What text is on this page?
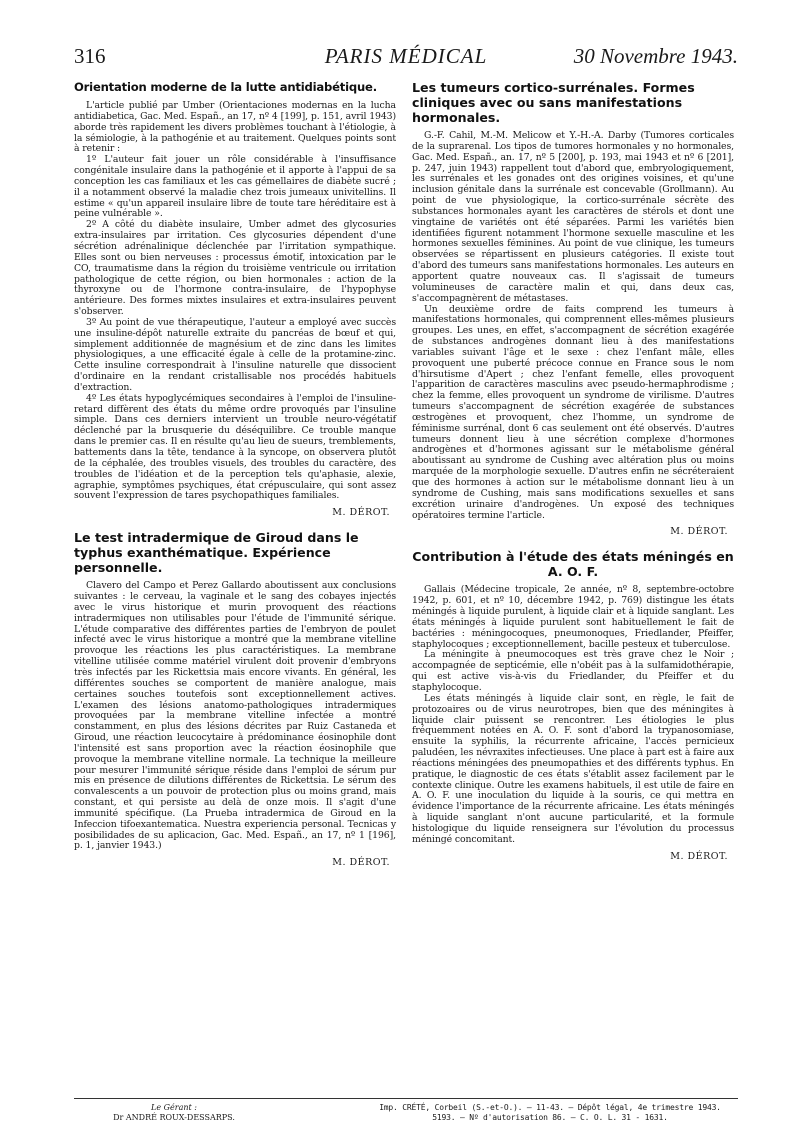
316	PARIS MÉDICAL	30 Novembre 1943.
Orientation moderne de la lutte antidiabétique.

L'article publié par Umber (Orientaciones modernas en la lucha antidiabetica, Gac. Med. Españ., an 17, nº 4 [199], p. 151, avril 1943) aborde très rapidement les divers problèmes touchant à l'étiologie, à la sémiologie, à la pathogénie et au traitement. Quelques points sont à retenir :

1º L'auteur fait jouer un rôle considérable à l'insuffisance congénitale insulaire dans la pathogénie et il apporte à l'appui de sa conception les cas familiaux et les cas gémellaires de diabète sucré ; il a notamment observé la maladie chez trois jumeaux univitellins. Il estime « qu'un appareil insulaire libre de toute tare héréditaire est à peine vulnérable ».

2º A côté du diabète insulaire, Umber admet des glycosuries extra-insulaires par irritation. Ces glycosuries dépendent d'une sécrétion adrénalinique déclenchée par l'irritation sympathique. Elles sont ou bien nerveuses : processus émotif, intoxication par le CO, traumatisme dans la région du troisième ventricule ou irritation pathologique de cette région, ou bien hormonales : action de la thyroxyne ou de l'hormone contra-insulaire, de l'hypophyse antérieure. Des formes mixtes insulaires et extra-insulaires peuvent s'observer.

3º Au point de vue thérapeutique, l'auteur a employé avec succès une insuline-dépôt naturelle extraite du pancréas de bœuf et qui, simplement additionnée de magnésium et de zinc dans les limites physiologiques, a une efficacité égale à celle de la protamine-zinc. Cette insuline correspondrait à l'insuline naturelle que dissocient d'ordinaire en la rendant cristallisable nos procédés habituels d'extraction.

4º Les états hypoglycémiques secondaires à l'emploi de l'insuline-retard diffèrent des états du même ordre provoqués par l'insuline simple. Dans ces derniers intervient un trouble neuro-végétatif déclenché par la brusquerie du déséquilibre. Ce trouble manque dans le premier cas. Il en résulte qu'au lieu de sueurs, tremblements, battements dans la tête, tendance à la syncope, on observera plutôt de la céphalée, des troubles visuels, des troubles du caractère, des troubles de l'idéation et de la perception tels qu'aphasie, alexie, agraphie, symptômes psychiques, état crépusculaire, qui sont assez souvent l'expression de tares psychopathiques familiales.

M. DÉROT.
Le test intradermique de Giroud dans le typhus exanthématique. Expérience personnelle.

Clavero del Campo et Perez Gallardo aboutissent aux conclusions suivantes : le cerveau, la vaginale et le sang des cobayes injectés avec le virus historique et murin provoquent des réactions intradermiques non utilisables pour l'étude de l'immunité sérique. L'étude comparative des différentes parties de l'embryon de poulet infecté avec le virus historique a montré que la membrane vitelline provoque les réactions les plus caractéristiques. La membrane vitelline utilisée comme matériel virulent doit provenir d'embryons très infectés par les Rickettsia mais encore vivants. En général, les différentes souches se comportent de manière analogue, mais certaines souches toutefois sont exceptionnellement actives. L'examen des lésions anatomo-pathologiques intradermiques provoquées par la membrane vitelline infectée a montré constamment, en plus des lésions décrites par Ruiz Castaneda et Giroud, une réaction leucocytaire à prédominance éosinophile dont l'intensité est sans proportion avec la réaction éosinophile que provoque la membrane vitelline normale. La technique la meilleure pour mesurer l'immunité sérique réside dans l'emploi de sérum pur mis en présence de dilutions différentes de Rickettsia. Le sérum des convalescents a un pouvoir de protection plus ou moins grand, mais constant, et qui persiste au delà de onze mois. Il s'agit d'une immunité spécifique. (La Prueba intradermica de Giroud en la Infeccion tifoexantematica. Nuestra experiencia personal. Tecnicas y posibilidades de su aplicacion, Gac. Med. Españ., an 17, nº 1 [196], p. 1, janvier 1943.)

M. DÉROT.
Les tumeurs cortico-surrénales. Formes cliniques avec ou sans manifestations hormonales.

G.-F. Cahil, M.-M. Melicow et Y.-H.-A. Darby (Tumores corticales de la suprarenal. Los tipos de tumores hormonales y no hormonales, Gac. Med. Españ., an. 17, nº 5 [200], p. 193, mai 1943 et nº 6 [201], p. 247, juin 1943) rappellent tout d'abord que, embryologiquement, les surrénales et les gonades ont des origines voisines, et qu'une inclusion génitale dans la surrénale est concevable (Grollmann). Au point de vue physiologique, la cortico-surrénale sécrète des substances hormonales ayant les caractères de stérols et dont une vingtaine de variétés ont été séparées. Parmi les variétés bien identifiées figurent notamment l'hormone sexuelle masculine et les hormones sexuelles féminines. Au point de vue clinique, les tumeurs observées se répartissent en plusieurs catégories. Il existe tout d'abord des tumeurs sans manifestations hormonales. Les auteurs en apportent quatre nouveaux cas. Il s'agissait de tumeurs volumineuses de caractère malin et qui, dans deux cas, s'accompagnèrent de métastases.

Un deuxième ordre de faits comprend les tumeurs à manifestations hormonales, qui comprennent elles-mêmes plusieurs groupes. Les unes, en effet, s'accompagnent de sécrétion exagérée de substances androgènes donnant lieu à des manifestations variables suivant l'âge et le sexe : chez l'enfant mâle, elles provoquent une puberté précoce connue en France sous le nom d'hirsutisme d'Apert ; chez l'enfant femelle, elles provoquent l'apparition de caractères masculins avec pseudo-hermaphrodisme ; chez la femme, elles provoquent un syndrome de virilisme. D'autres tumeurs s'accompagnent de sécrétion exagérée de substances œstrogènes et provoquent, chez l'homme, un syndrome de féminisme surrénal, dont 6 cas seulement ont été observés. D'autres tumeurs donnent lieu à une sécrétion complexe d'hormones androgènes et d'hormones agissant sur le métabolisme général aboutissant au syndrome de Cushing avec altération plus ou moins marquée de la morphologie sexuelle. D'autres enfin ne sécréteraient que des hormones à action sur le métabolisme donnant lieu à un syndrome de Cushing, mais sans modifications sexuelles et sans excrétion urinaire d'androgènes. Un exposé des techniques opératoires termine l'article.

M. DÉROT.
Contribution à l'étude des états méningés en A. O. F.

Gallais (Médecine tropicale, 2e année, nº 8, septembre-octobre 1942, p. 601, et nº 10, décembre 1942, p. 769) distingue les états méningés à liquide purulent, à liquide clair et à liquide sanglant. Les états méningés à liquide purulent sont habituellement le fait de bactéries : méningocoques, pneumonoques, Friedlander, Pfeiffer, staphylocoques ; exceptionnellement, bacille pesteux et tuberculose.

La méningite à pneumocoques est très grave chez le Noir ; accompagnée de septicémie, elle n'obéit pas à la sulfamidothérapie, qui est active vis-à-vis du Friedlander, du Pfeiffer et du staphylocoque.

Les états méningés à liquide clair sont, en règle, le fait de protozoaires ou de virus neurotropes, bien que des méningites à liquide clair puissent se rencontrer. Les étiologies le plus fréquemment notées en A. O. F. sont d'abord la trypanosomiase, ensuite la syphilis, la récurrente africaine, l'accès pernicieux paludéen, les névraxites infectieuses. Une place à part est à faire aux réactions méningées des pneumopathies et des différents typhus. En pratique, le diagnostic de ces états s'établit assez facilement par le contexte clinique. Outre les examens habituels, il est utile de faire en A. O. F. une inoculation du liquide à la souris, ce qui mettra en évidence l'importance de la récurrente africaine. Les états méningés à liquide sanglant n'ont aucune particularité, et la formule histologique du liquide renseignera sur l'évolution du processus méningé concomitant.

M. DÉROT.
Le Gérant :
Dr ANDRÉ ROUX-DESSARPS.
Imp. CRÉTÉ, Corbeil (S.-et-O.). — 11-43. — Dépôt légal, 4e trimestre 1943.
5193. — Nº d'autorisation 86. — C. O. L. 31 - 1631.
